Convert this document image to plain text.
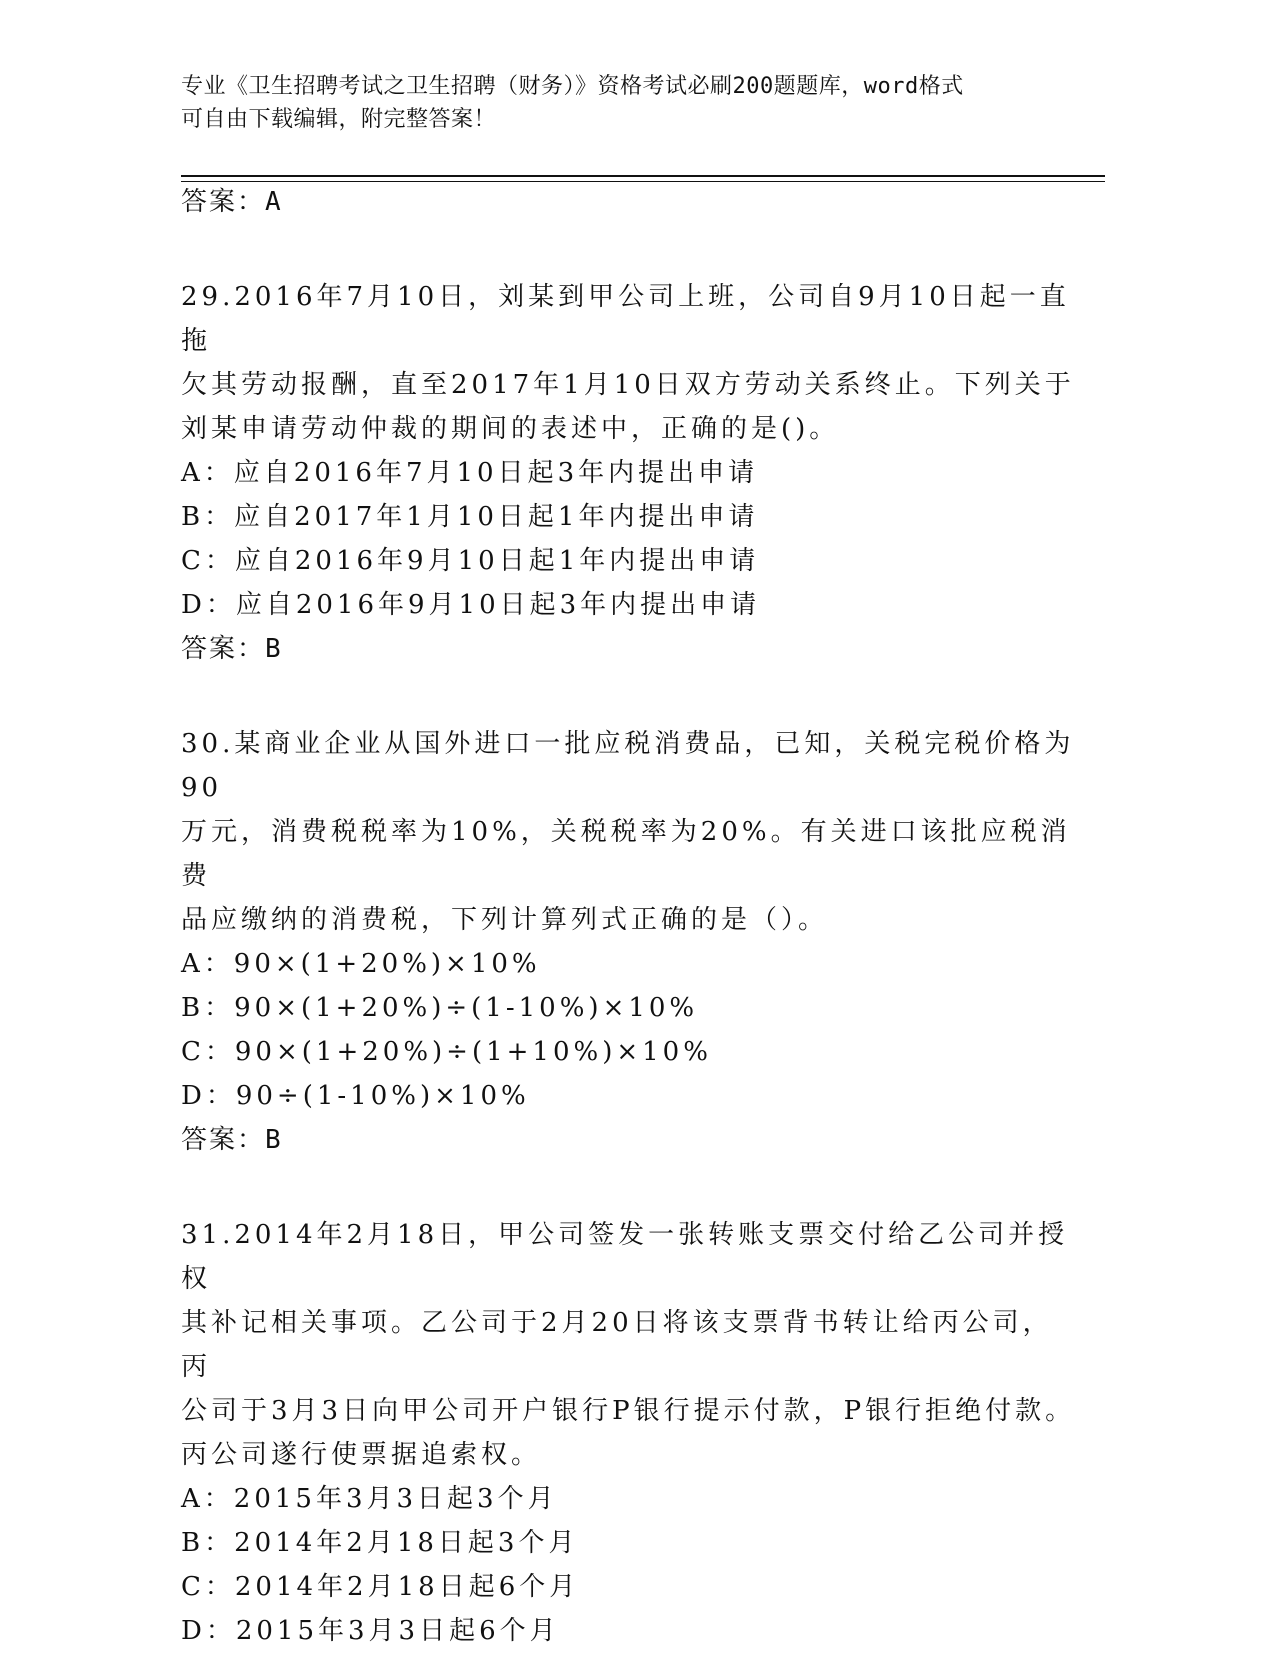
专业《卫生招聘考试之卫生招聘（财务）》资格考试必刷200题题库，word格式
可自由下载编辑，附完整答案！
答案：A
29.2016年7月10日，刘某到甲公司上班，公司自9月10日起一直拖
欠其劳动报酬，直至2017年1月10日双方劳动关系终止。下列关于
刘某申请劳动仲裁的期间的表述中，正确的是()。
A：应自2016年7月10日起3年内提出申请
B：应自2017年1月10日起1年内提出申请
C：应自2016年9月10日起1年内提出申请
D：应自2016年9月10日起3年内提出申请
答案：B
30.某商业企业从国外进口一批应税消费品，已知，关税完税价格为90
万元，消费税税率为10%，关税税率为20%。有关进口该批应税消费
品应缴纳的消费税，下列计算列式正确的是（）。
A：90×(1+20%)×10%
B：90×(1+20%)÷(1-10%)×10%
C：90×(1+20%)÷(1+10%)×10%
D：90÷(1-10%)×10%
答案：B
31.2014年2月18日，甲公司签发一张转账支票交付给乙公司并授权
其补记相关事项。乙公司于2月20日将该支票背书转让给丙公司，丙
公司于3月3日向甲公司开户银行P银行提示付款，P银行拒绝付款。
丙公司遂行使票据追索权。
A：2015年3月3日起3个月
B：2014年2月18日起3个月
C：2014年2月18日起6个月
D：2015年3月3日起6个月
